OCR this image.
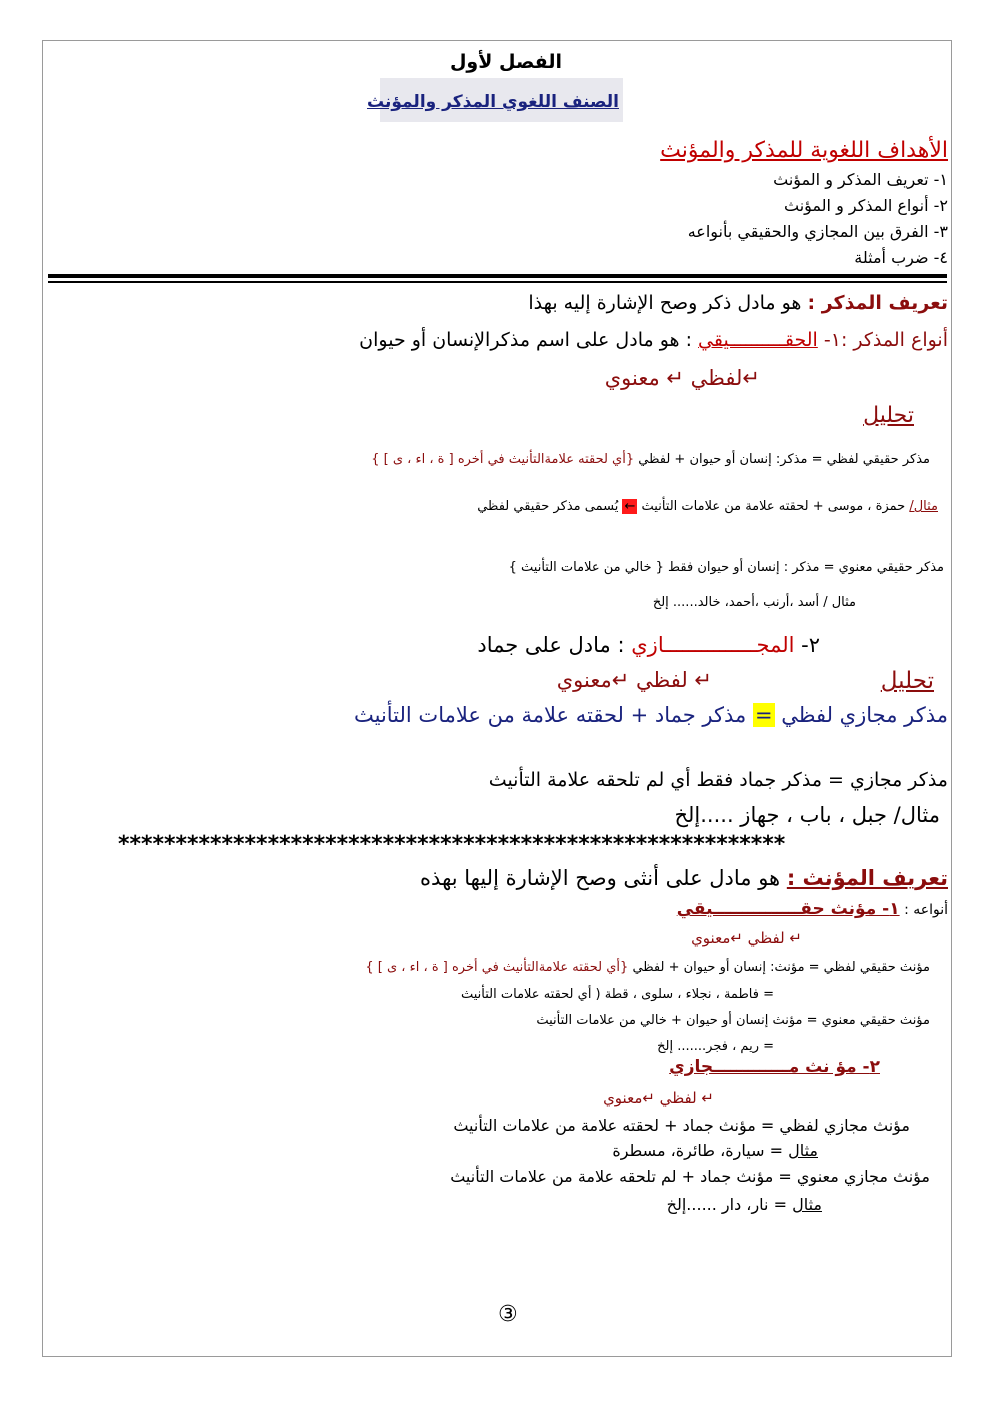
الفصل لأول
الصنف اللغوي المذكر والمؤنث
الأهداف اللغوية للمذكر والمؤنث
١- تعريف المذكر و المؤنث
٢- أنواع المذكر و المؤنث
٣- الفرق بين المجازي والحقيقي بأنواعه
٤- ضرب أمثلة
تعريف المذكر : هو مادل ذكر وصح الإشارة إليه بهذا
أنواع المذكر :١- الحقــــــــــيقي : هو مادل على اسم مذكرالإنسان أو حيوان
↵لفظي ↵ معنوي
تحليل
مذكر حقيقي لفظي = مذكر: إنسان أو حيوان + لفظي {أي لحقته علامةالتأنيث في أخره [ ة ، اء ، ى ] }
مثال/ حمزة ، موسى + لحقته علامة من علامات التأنيث ← يُسمى مذكر حقيقي لفظي
مذكر حقيقي معنوي = مذكر : إنسان أو حيوان فقط { خالي من علامات التأنيث }
مثال / أسد ،أرنب ،أحمد، خالد...... إلخ
٢- المجـــــــــــــــازي : مادل على جماد
تحليل
↵ لفظي ↵معنوي
مذكر مجازي لفظي = مذكر جماد + لحقته علامة من علامات التأنيث
مذكر مجازي = مذكر جماد فقط أي لم تلحقه علامة التأنيث
مثال/ جبل ، باب ، جهاز .....إلخ
**********************************************************
تعريف المؤنث : هو مادل على أنثى وصح الإشارة إليها بهذه
أنواعه : ١- مؤنث حقـــــــــــــــيقي
↵ لفظي ↵معنوي
مؤنث حقيقي لفظي = مؤنث: إنسان أو حيوان + لفظي {أي لحقته علامةالتأنيث في أخره [ ة ، اء ، ى ] }
= فاطمة ، نجلاء ، سلوى ، قطة ( أي لحقته علامات التأنيث
مؤنث حقيقي معنوي = مؤنث إنسان أو حيوان + خالي من علامات التأنيث
= ريم ، فجر....... إلخ
٢- مؤ نث مـــــــــــــجازي
↵ لفظي ↵معنوي
مؤنث مجازي لفظي = مؤنث جماد + لحقته علامة من علامات التأنيث
مثال = سيارة، طائرة، مسطرة
مؤنث مجازي معنوي = مؤنث جماد + لم تلحقه علامة من علامات التأنيث
مثال = نار، دار ......إلخ
③
